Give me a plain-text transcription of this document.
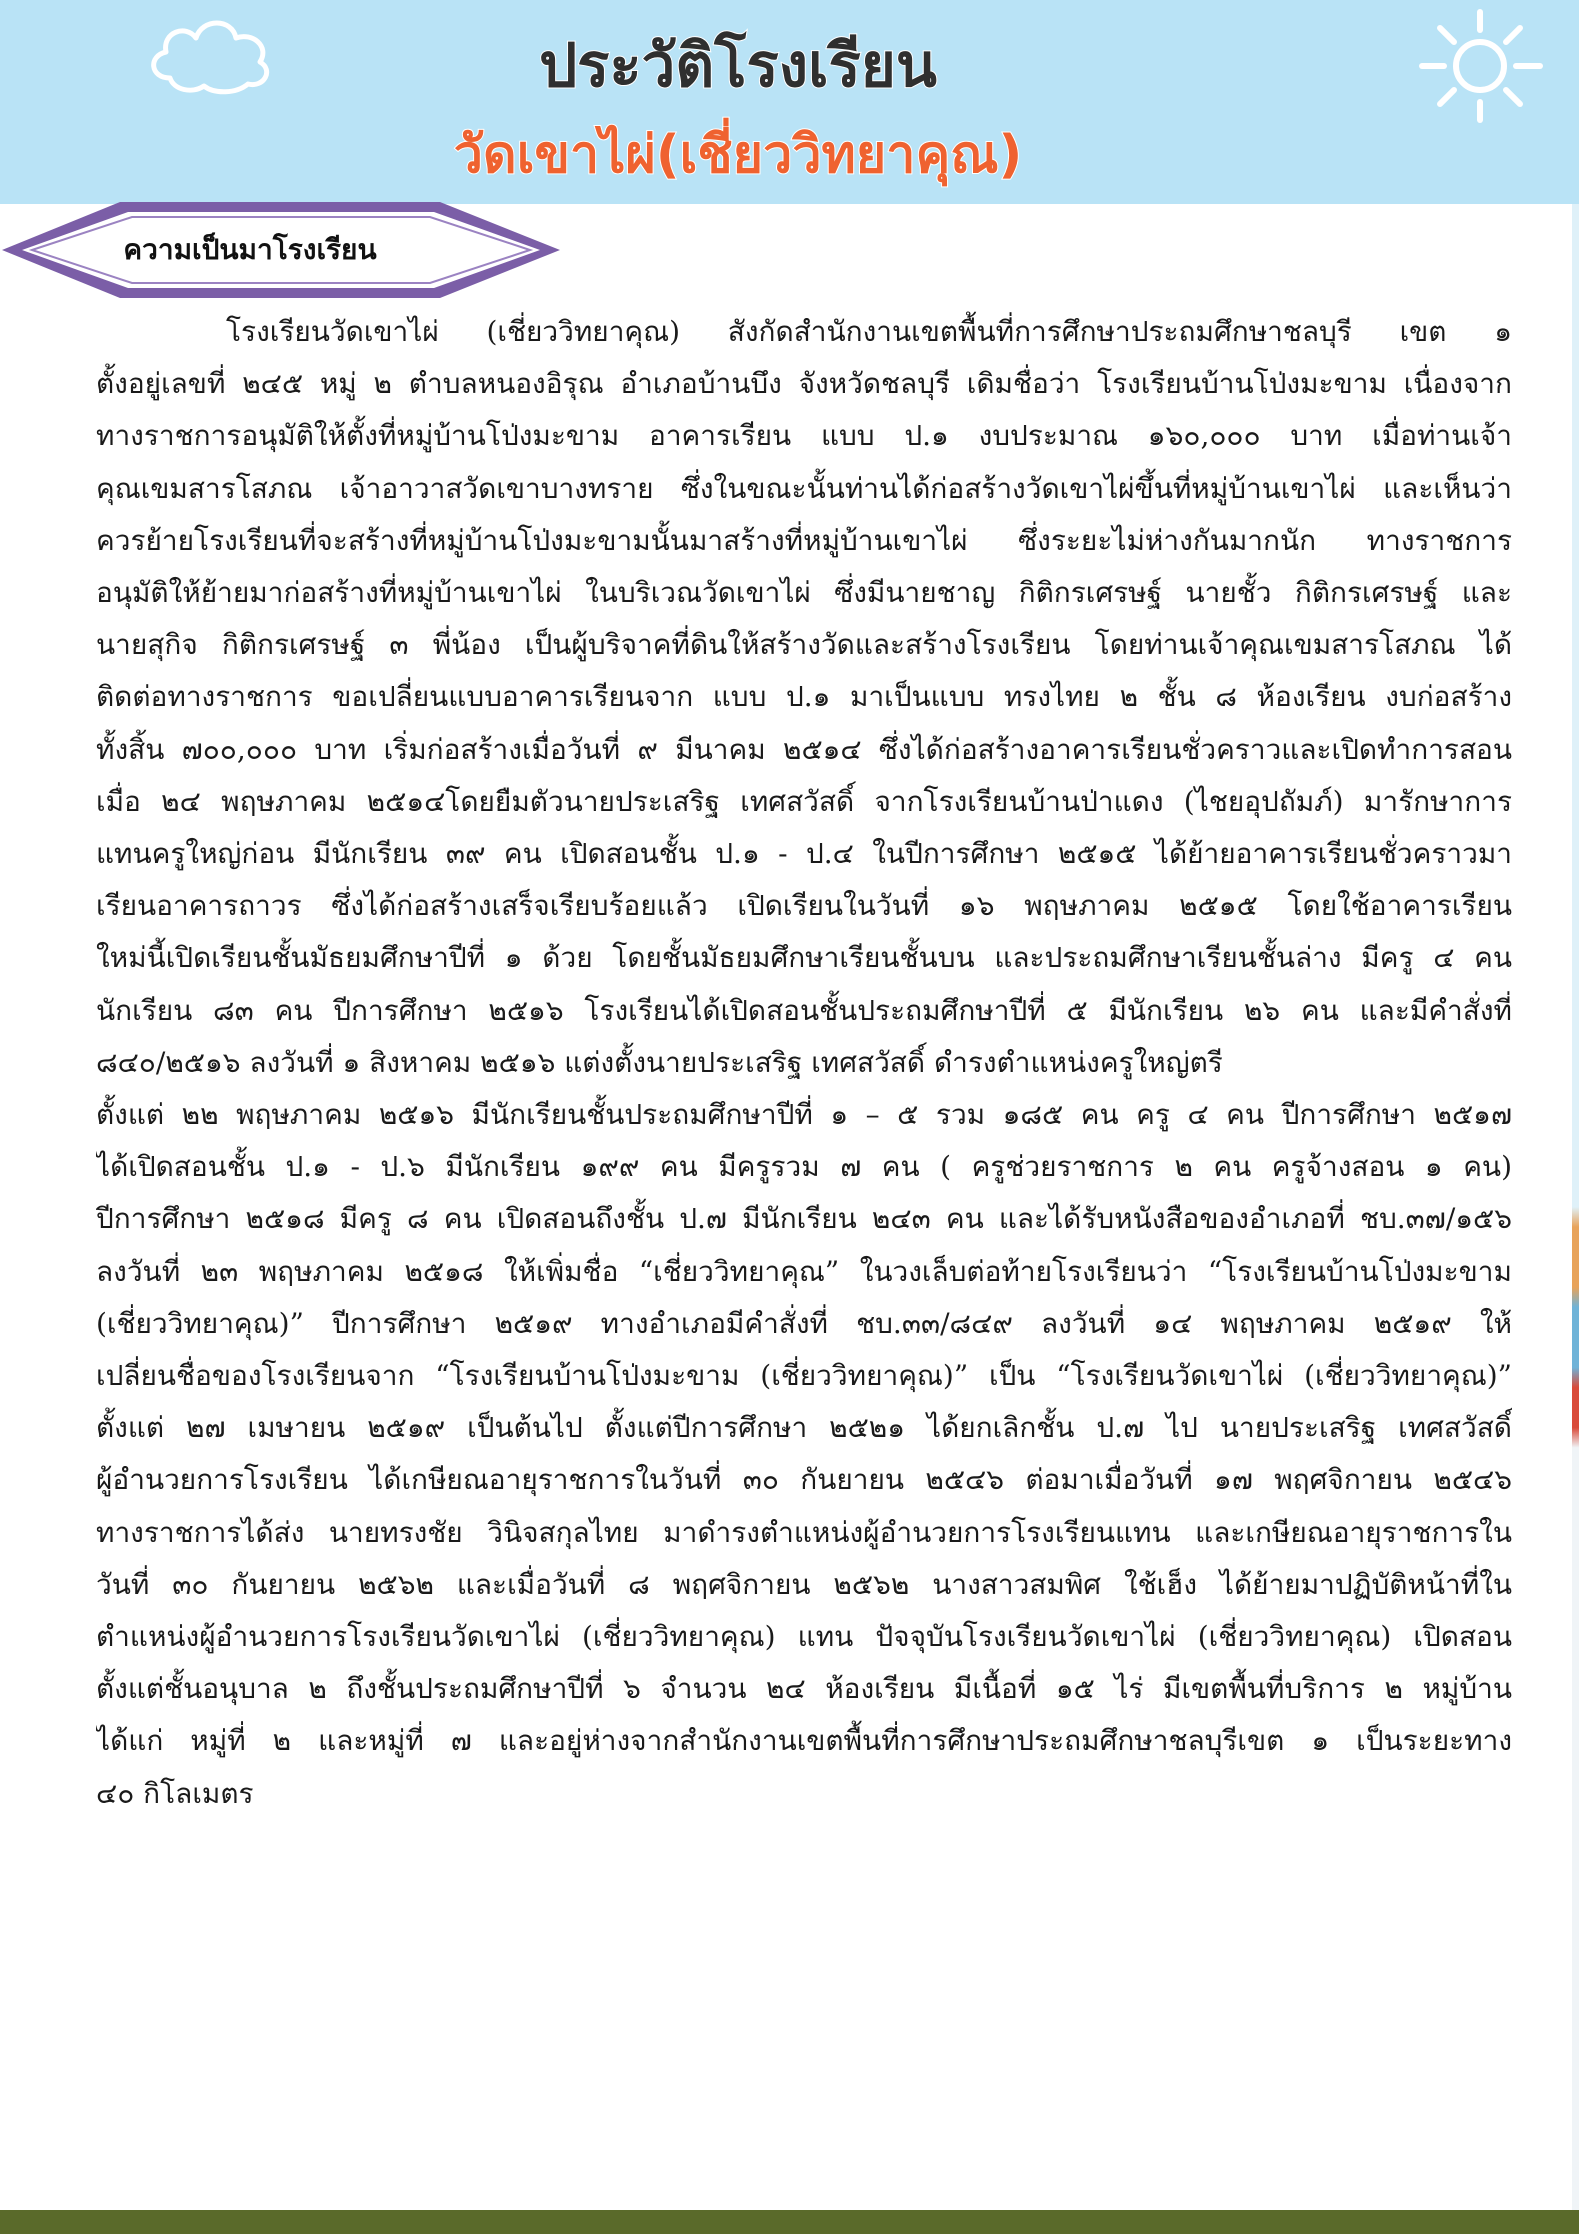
ประวัติโรงเรียน
วัดเขาไผ่(เชี่ยววิทยาคุณ)
ความเป็นมาโรงเรียน

โรงเรียนวัดเขาไผ่ (เชี่ยววิทยาคุณ) สังกัดสำนักงานเขตพื้นที่การศึกษาประถมศึกษาชลบุรี เขต ๑

ตั้งอยู่เลขที่ ๒๔๕ หมู่ ๒ ตำบลหนองอิรุณ อำเภอบ้านบึง จังหวัดชลบุรี เดิมชื่อว่า โรงเรียนบ้านโป่งมะขาม เนื่องจาก

ทางราชการอนุมัติให้ตั้งที่หมู่บ้านโป่งมะขาม อาคารเรียน แบบ ป.๑ งบประมาณ ๑๖๐,๐๐๐ บาท เมื่อท่านเจ้า

คุณเขมสารโสภณ เจ้าอาวาสวัดเขาบางทราย ซึ่งในขณะนั้นท่านได้ก่อสร้างวัดเขาไผ่ขึ้นที่หมู่บ้านเขาไผ่ และเห็นว่า

ควรย้ายโรงเรียนที่จะสร้างที่หมู่บ้านโป่งมะขามนั้นมาสร้างที่หมู่บ้านเขาไผ่ ซึ่งระยะไม่ห่างกันมากนัก ทางราชการ

อนุมัติให้ย้ายมาก่อสร้างที่หมู่บ้านเขาไผ่ ในบริเวณวัดเขาไผ่ ซึ่งมีนายชาญ กิติกรเศรษฐ์ นายชั้ว กิติกรเศรษฐ์ และ

นายสุกิจ กิติกรเศรษฐ์ ๓ พี่น้อง เป็นผู้บริจาคที่ดินให้สร้างวัดและสร้างโรงเรียน โดยท่านเจ้าคุณเขมสารโสภณ ได้

ติดต่อทางราชการ ขอเปลี่ยนแบบอาคารเรียนจาก แบบ ป.๑ มาเป็นแบบ ทรงไทย ๒ ชั้น ๘ ห้องเรียน งบก่อสร้าง

ทั้งสิ้น ๗๐๐,๐๐๐ บาท เริ่มก่อสร้างเมื่อวันที่ ๙ มีนาคม ๒๕๑๔ ซึ่งได้ก่อสร้างอาคารเรียนชั่วคราวและเปิดทำการสอน

เมื่อ ๒๔ พฤษภาคม ๒๕๑๔โดยยืมตัวนายประเสริฐ เทศสวัสดิ์ จากโรงเรียนบ้านป่าแดง (ไชยอุปถัมภ์) มารักษาการ

แทนครูใหญ่ก่อน มีนักเรียน ๓๙ คน เปิดสอนชั้น ป.๑ - ป.๔ ในปีการศึกษา ๒๕๑๕ ได้ย้ายอาคารเรียนชั่วคราวมา

เรียนอาคารถาวร ซึ่งได้ก่อสร้างเสร็จเรียบร้อยแล้ว เปิดเรียนในวันที่ ๑๖ พฤษภาคม ๒๕๑๕ โดยใช้อาคารเรียน

ใหม่นี้เปิดเรียนชั้นมัธยมศึกษาปีที่ ๑ ด้วย โดยชั้นมัธยมศึกษาเรียนชั้นบน และประถมศึกษาเรียนชั้นล่าง มีครู ๔ คน

นักเรียน ๘๓ คน ปีการศึกษา ๒๕๑๖ โรงเรียนได้เปิดสอนชั้นประถมศึกษาปีที่ ๕ มีนักเรียน ๒๖ คน และมีคำสั่งที่

๘๔๐/๒๕๑๖ ลงวันที่ ๑ สิงหาคม ๒๕๑๖ แต่งตั้งนายประเสริฐ เทศสวัสดิ์ ดำรงตำแหน่งครูใหญ่ตรี

ตั้งแต่ ๒๒ พฤษภาคม ๒๕๑๖ มีนักเรียนชั้นประถมศึกษาปีที่ ๑ – ๕ รวม ๑๘๕ คน ครู ๔ คน ปีการศึกษา ๒๕๑๗

ได้เปิดสอนชั้น ป.๑ - ป.๖ มีนักเรียน ๑๙๙ คน มีครูรวม ๗ คน ( ครูช่วยราชการ ๒ คน ครูจ้างสอน ๑ คน)

ปีการศึกษา ๒๕๑๘ มีครู ๘ คน เปิดสอนถึงชั้น ป.๗ มีนักเรียน ๒๔๓ คน และได้รับหนังสือของอำเภอที่ ชบ.๓๗/๑๕๖

ลงวันที่ ๒๓ พฤษภาคม ๒๕๑๘ ให้เพิ่มชื่อ “เชี่ยววิทยาคุณ” ในวงเล็บต่อท้ายโรงเรียนว่า “โรงเรียนบ้านโป่งมะขาม

(เชี่ยววิทยาคุณ)” ปีการศึกษา ๒๕๑๙ ทางอำเภอมีคำสั่งที่ ชบ.๓๓/๘๔๙ ลงวันที่ ๑๔ พฤษภาคม ๒๕๑๙ ให้

เปลี่ยนชื่อของโรงเรียนจาก “โรงเรียนบ้านโป่งมะขาม (เชี่ยววิทยาคุณ)” เป็น “โรงเรียนวัดเขาไผ่ (เชี่ยววิทยาคุณ)”

ตั้งแต่ ๒๗ เมษายน ๒๕๑๙ เป็นต้นไป ตั้งแต่ปีการศึกษา ๒๕๒๑ ได้ยกเลิกชั้น ป.๗ ไป นายประเสริฐ เทศสวัสดิ์

ผู้อำนวยการโรงเรียน ได้เกษียณอายุราชการในวันที่ ๓๐ กันยายน ๒๕๔๖ ต่อมาเมื่อวันที่ ๑๗ พฤศจิกายน ๒๕๔๖

ทางราชการได้ส่ง นายทรงชัย วินิจสกุลไทย มาดำรงตำแหน่งผู้อำนวยการโรงเรียนแทน และเกษียณอายุราชการใน

วันที่ ๓๐ กันยายน ๒๕๖๒ และเมื่อวันที่ ๘ พฤศจิกายน ๒๕๖๒ นางสาวสมพิศ ใช้เฮ็ง ได้ย้ายมาปฏิบัติหน้าที่ใน

ตำแหน่งผู้อำนวยการโรงเรียนวัดเขาไผ่ (เชี่ยววิทยาคุณ) แทน ปัจจุบันโรงเรียนวัดเขาไผ่ (เชี่ยววิทยาคุณ) เปิดสอน

ตั้งแต่ชั้นอนุบาล ๒ ถึงชั้นประถมศึกษาปีที่ ๖ จำนวน ๒๔ ห้องเรียน มีเนื้อที่ ๑๕ ไร่ มีเขตพื้นที่บริการ ๒ หมู่บ้าน

ได้แก่ หมู่ที่ ๒ และหมู่ที่ ๗ และอยู่ห่างจากสำนักงานเขตพื้นที่การศึกษาประถมศึกษาชลบุรีเขต ๑ เป็นระยะทาง

๔๐ กิโลเมตร
